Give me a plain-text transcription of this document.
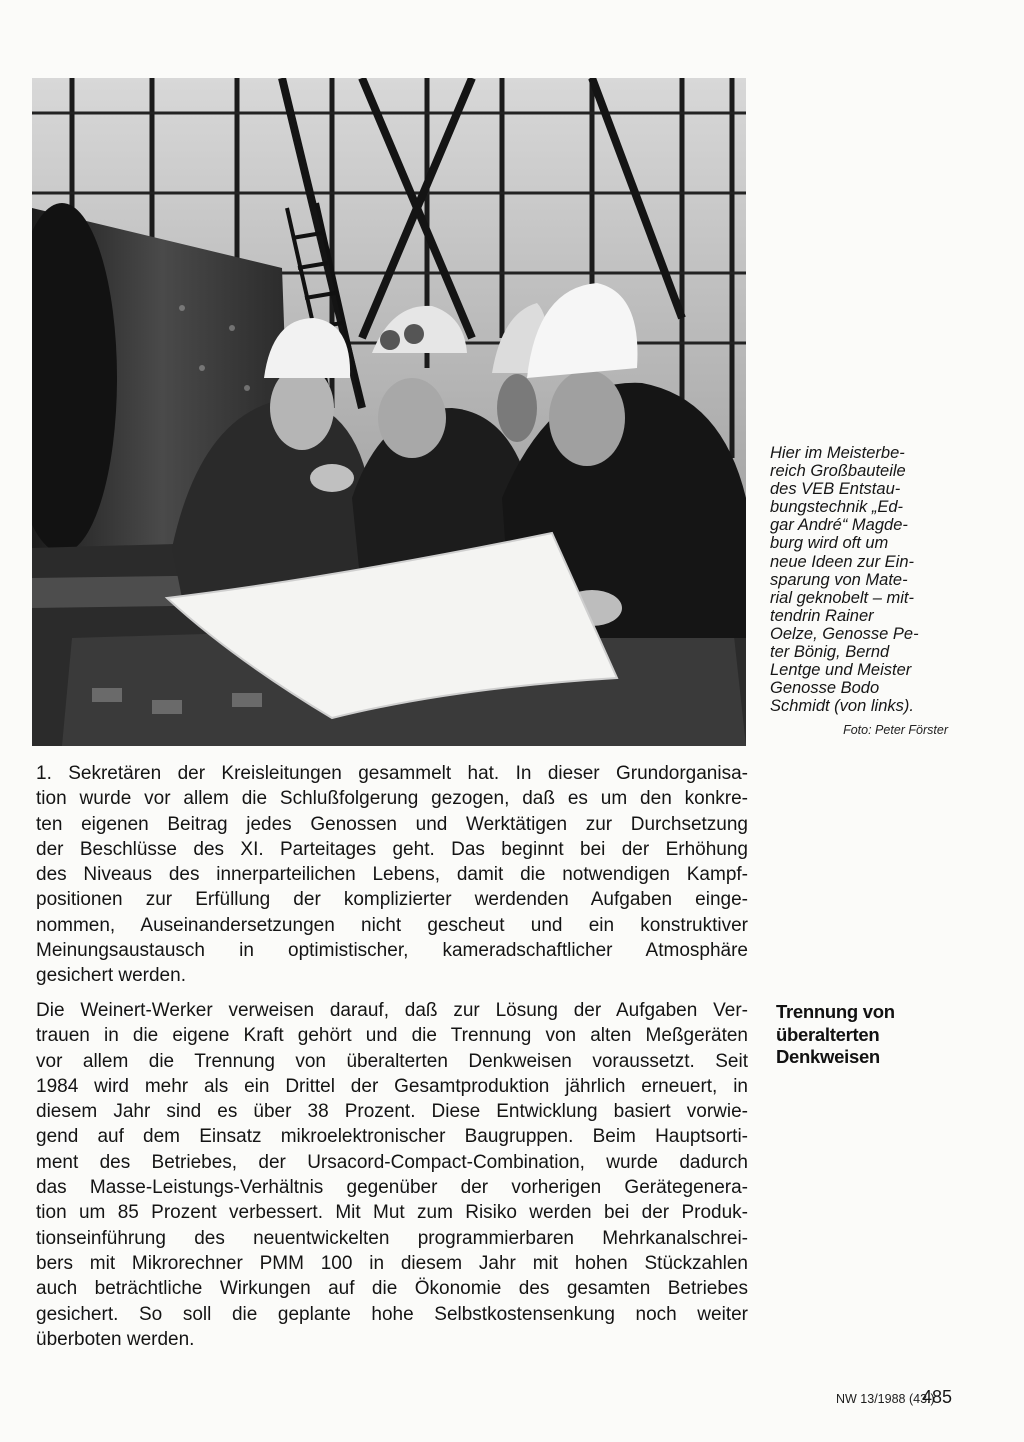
Hier im Meisterbe-
reich Großbauteile
des VEB Entstau-
bungstechnik „Ed-
gar André“ Magde-
burg wird oft um
neue Ideen zur Ein-
sparung von Mate-
rial geknobelt – mit-
tendrin Rainer
Oelze, Genosse Pe-
ter Bönig, Bernd
Lentge und Meister
Genosse Bodo
Schmidt (von links).
Foto: Peter Förster
1. Sekretären der Kreisleitungen gesammelt hat. In dieser Grundorganisa-
tion wurde vor allem die Schlußfolgerung gezogen, daß es um den konkre-
ten eigenen Beitrag jedes Genossen und Werktätigen zur Durchsetzung
der Beschlüsse des XI. Parteitages geht. Das beginnt bei der Erhöhung
des Niveaus des innerparteilichen Lebens, damit die notwendigen Kampf-
positionen zur Erfüllung der komplizierter werdenden Aufgaben einge-
nommen, Auseinandersetzungen nicht gescheut und ein konstruktiver
Meinungsaustausch in optimistischer, kameradschaftlicher Atmosphäre
gesichert werden.
Trennung von
überalterten
Denkweisen
Die Weinert-Werker verweisen darauf, daß zur Lösung der Aufgaben Ver-
trauen in die eigene Kraft gehört und die Trennung von alten Meßgeräten
vor allem die Trennung von überalterten Denkweisen voraussetzt. Seit
1984 wird mehr als ein Drittel der Gesamtproduktion jährlich erneuert, in
diesem Jahr sind es über 38 Prozent. Diese Entwicklung basiert vorwie-
gend auf dem Einsatz mikroelektronischer Baugruppen. Beim Hauptsorti-
ment des Betriebes, der Ursacord-Compact-Combination, wurde dadurch
das Masse-Leistungs-Verhältnis gegenüber der vorherigen Gerätegenera-
tion um 85 Prozent verbessert. Mit Mut zum Risiko werden bei der Produk-
tionseinführung des neuentwickelten programmierbaren Mehrkanalschrei-
bers mit Mikrorechner PMM 100 in diesem Jahr mit hohen Stückzahlen
auch beträchtliche Wirkungen auf die Ökonomie des gesamten Betriebes
gesichert. So soll die geplante hohe Selbstkostensenkung noch weiter
überboten werden.
NW 13/1988 (43.)
485
